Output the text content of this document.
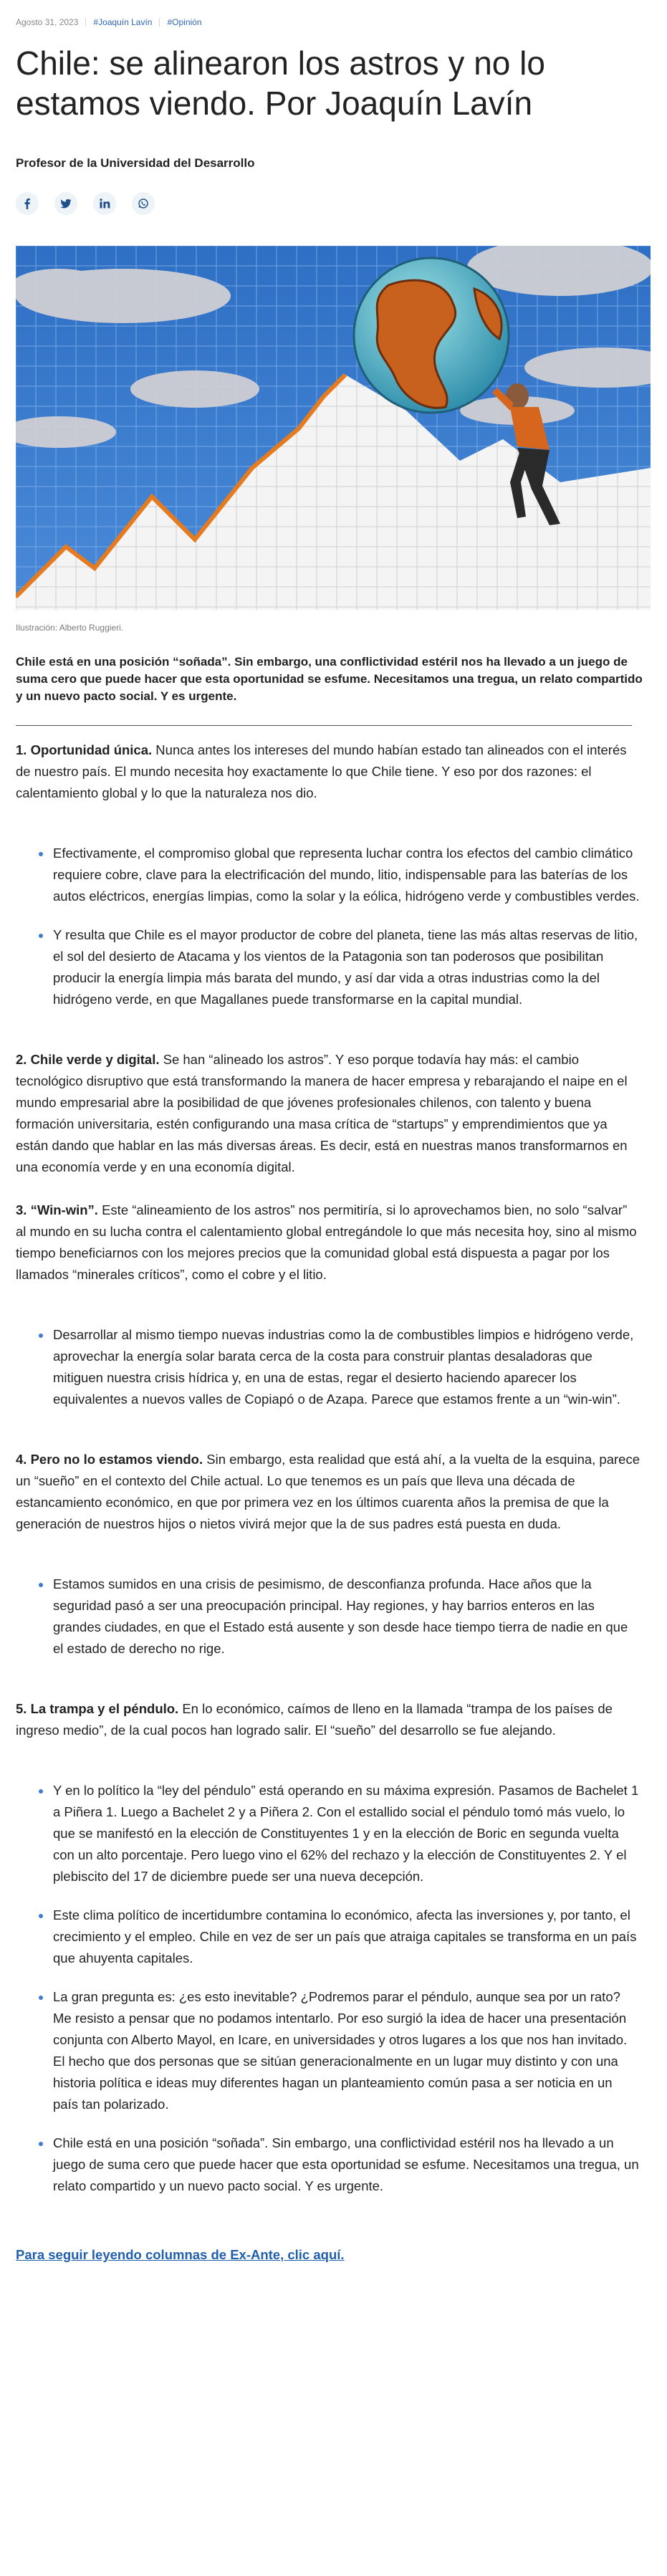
Agosto 31, 2023 #Joaquín Lavín #Opinión
Chile: se alinearon los astros y no lo estamos viendo. Por Joaquín Lavín
Profesor de la Universidad del Desarrollo
Ilustración: Alberto Ruggieri.

Chile está en una posición “soñada”. Sin embargo, una conflictividad estéril nos ha llevado a un juego de suma cero que puede hacer que esta oportunidad se esfume. Necesitamos una tregua, un relato compartido y un nuevo pacto social. Y es urgente.

1. Oportunidad única. Nunca antes los intereses del mundo habían estado tan alineados con el interés de nuestro país. El mundo necesita hoy exactamente lo que Chile tiene. Y eso por dos razones: el calentamiento global y lo que la naturaleza nos dio.

Efectivamente, el compromiso global que representa luchar contra los efectos del cambio climático requiere cobre, clave para la electrificación del mundo, litio, indispensable para las baterías de los autos eléctricos, energías limpias, como la solar y la eólica, hidrógeno verde y combustibles verdes.
Y resulta que Chile es el mayor productor de cobre del planeta, tiene las más altas reservas de litio, el sol del desierto de Atacama y los vientos de la Patagonia son tan poderosos que posibilitan producir la energía limpia más barata del mundo, y así dar vida a otras industrias como la del hidrógeno verde, en que Magallanes puede transformarse en la capital mundial.

2. Chile verde y digital. Se han “alineado los astros”. Y eso porque todavía hay más: el cambio tecnológico disruptivo que está transformando la manera de hacer empresa y rebarajando el naipe en el mundo empresarial abre la posibilidad de que jóvenes profesionales chilenos, con talento y buena formación universitaria, estén configurando una masa crítica de “startups” y emprendimientos que ya están dando que hablar en las más diversas áreas. Es decir, está en nuestras manos transformarnos en una economía verde y en una economía digital.

3. “Win-win”. Este “alineamiento de los astros” nos permitiría, si lo aprovechamos bien, no solo “salvar” al mundo en su lucha contra el calentamiento global entregándole lo que más necesita hoy, sino al mismo tiempo beneficiarnos con los mejores precios que la comunidad global está dispuesta a pagar por los llamados “minerales críticos”, como el cobre y el litio.

Desarrollar al mismo tiempo nuevas industrias como la de combustibles limpios e hidrógeno verde, aprovechar la energía solar barata cerca de la costa para construir plantas desaladoras que mitiguen nuestra crisis hídrica y, en una de estas, regar el desierto haciendo aparecer los equivalentes a nuevos valles de Copiapó o de Azapa. Parece que estamos frente a un “win-win”.

4. Pero no lo estamos viendo. Sin embargo, esta realidad que está ahí, a la vuelta de la esquina, parece un “sueño” en el contexto del Chile actual. Lo que tenemos es un país que lleva una década de estancamiento económico, en que por primera vez en los últimos cuarenta años la premisa de que la generación de nuestros hijos o nietos vivirá mejor que la de sus padres está puesta en duda.

Estamos sumidos en una crisis de pesimismo, de desconfianza profunda. Hace años que la seguridad pasó a ser una preocupación principal. Hay regiones, y hay barrios enteros en las grandes ciudades, en que el Estado está ausente y son desde hace tiempo tierra de nadie en que el estado de derecho no rige.

5. La trampa y el péndulo. En lo económico, caímos de lleno en la llamada “trampa de los países de ingreso medio”, de la cual pocos han logrado salir. El “sueño” del desarrollo se fue alejando.

Y en lo político la “ley del péndulo” está operando en su máxima expresión. Pasamos de Bachelet 1 a Piñera 1. Luego a Bachelet 2 y a Piñera 2. Con el estallido social el péndulo tomó más vuelo, lo que se manifestó en la elección de Constituyentes 1 y en la elección de Boric en segunda vuelta con un alto porcentaje. Pero luego vino el 62% del rechazo y la elección de Constituyentes 2. Y el plebiscito del 17 de diciembre puede ser una nueva decepción.
Este clima político de incertidumbre contamina lo económico, afecta las inversiones y, por tanto, el crecimiento y el empleo. Chile en vez de ser un país que atraiga capitales se transforma en un país que ahuyenta capitales.
La gran pregunta es: ¿es esto inevitable? ¿Podremos parar el péndulo, aunque sea por un rato? Me resisto a pensar que no podamos intentarlo. Por eso surgió la idea de hacer una presentación conjunta con Alberto Mayol, en Icare, en universidades y otros lugares a los que nos han invitado. El hecho que dos personas que se sitúan generacionalmente en un lugar muy distinto y con una historia política e ideas muy diferentes hagan un planteamiento común pasa a ser noticia en un país tan polarizado.
Chile está en una posición “soñada”. Sin embargo, una conflictividad estéril nos ha llevado a un juego de suma cero que puede hacer que esta oportunidad se esfume. Necesitamos una tregua, un relato compartido y un nuevo pacto social. Y es urgente.

Para seguir leyendo columnas de Ex-Ante, clic aquí.
